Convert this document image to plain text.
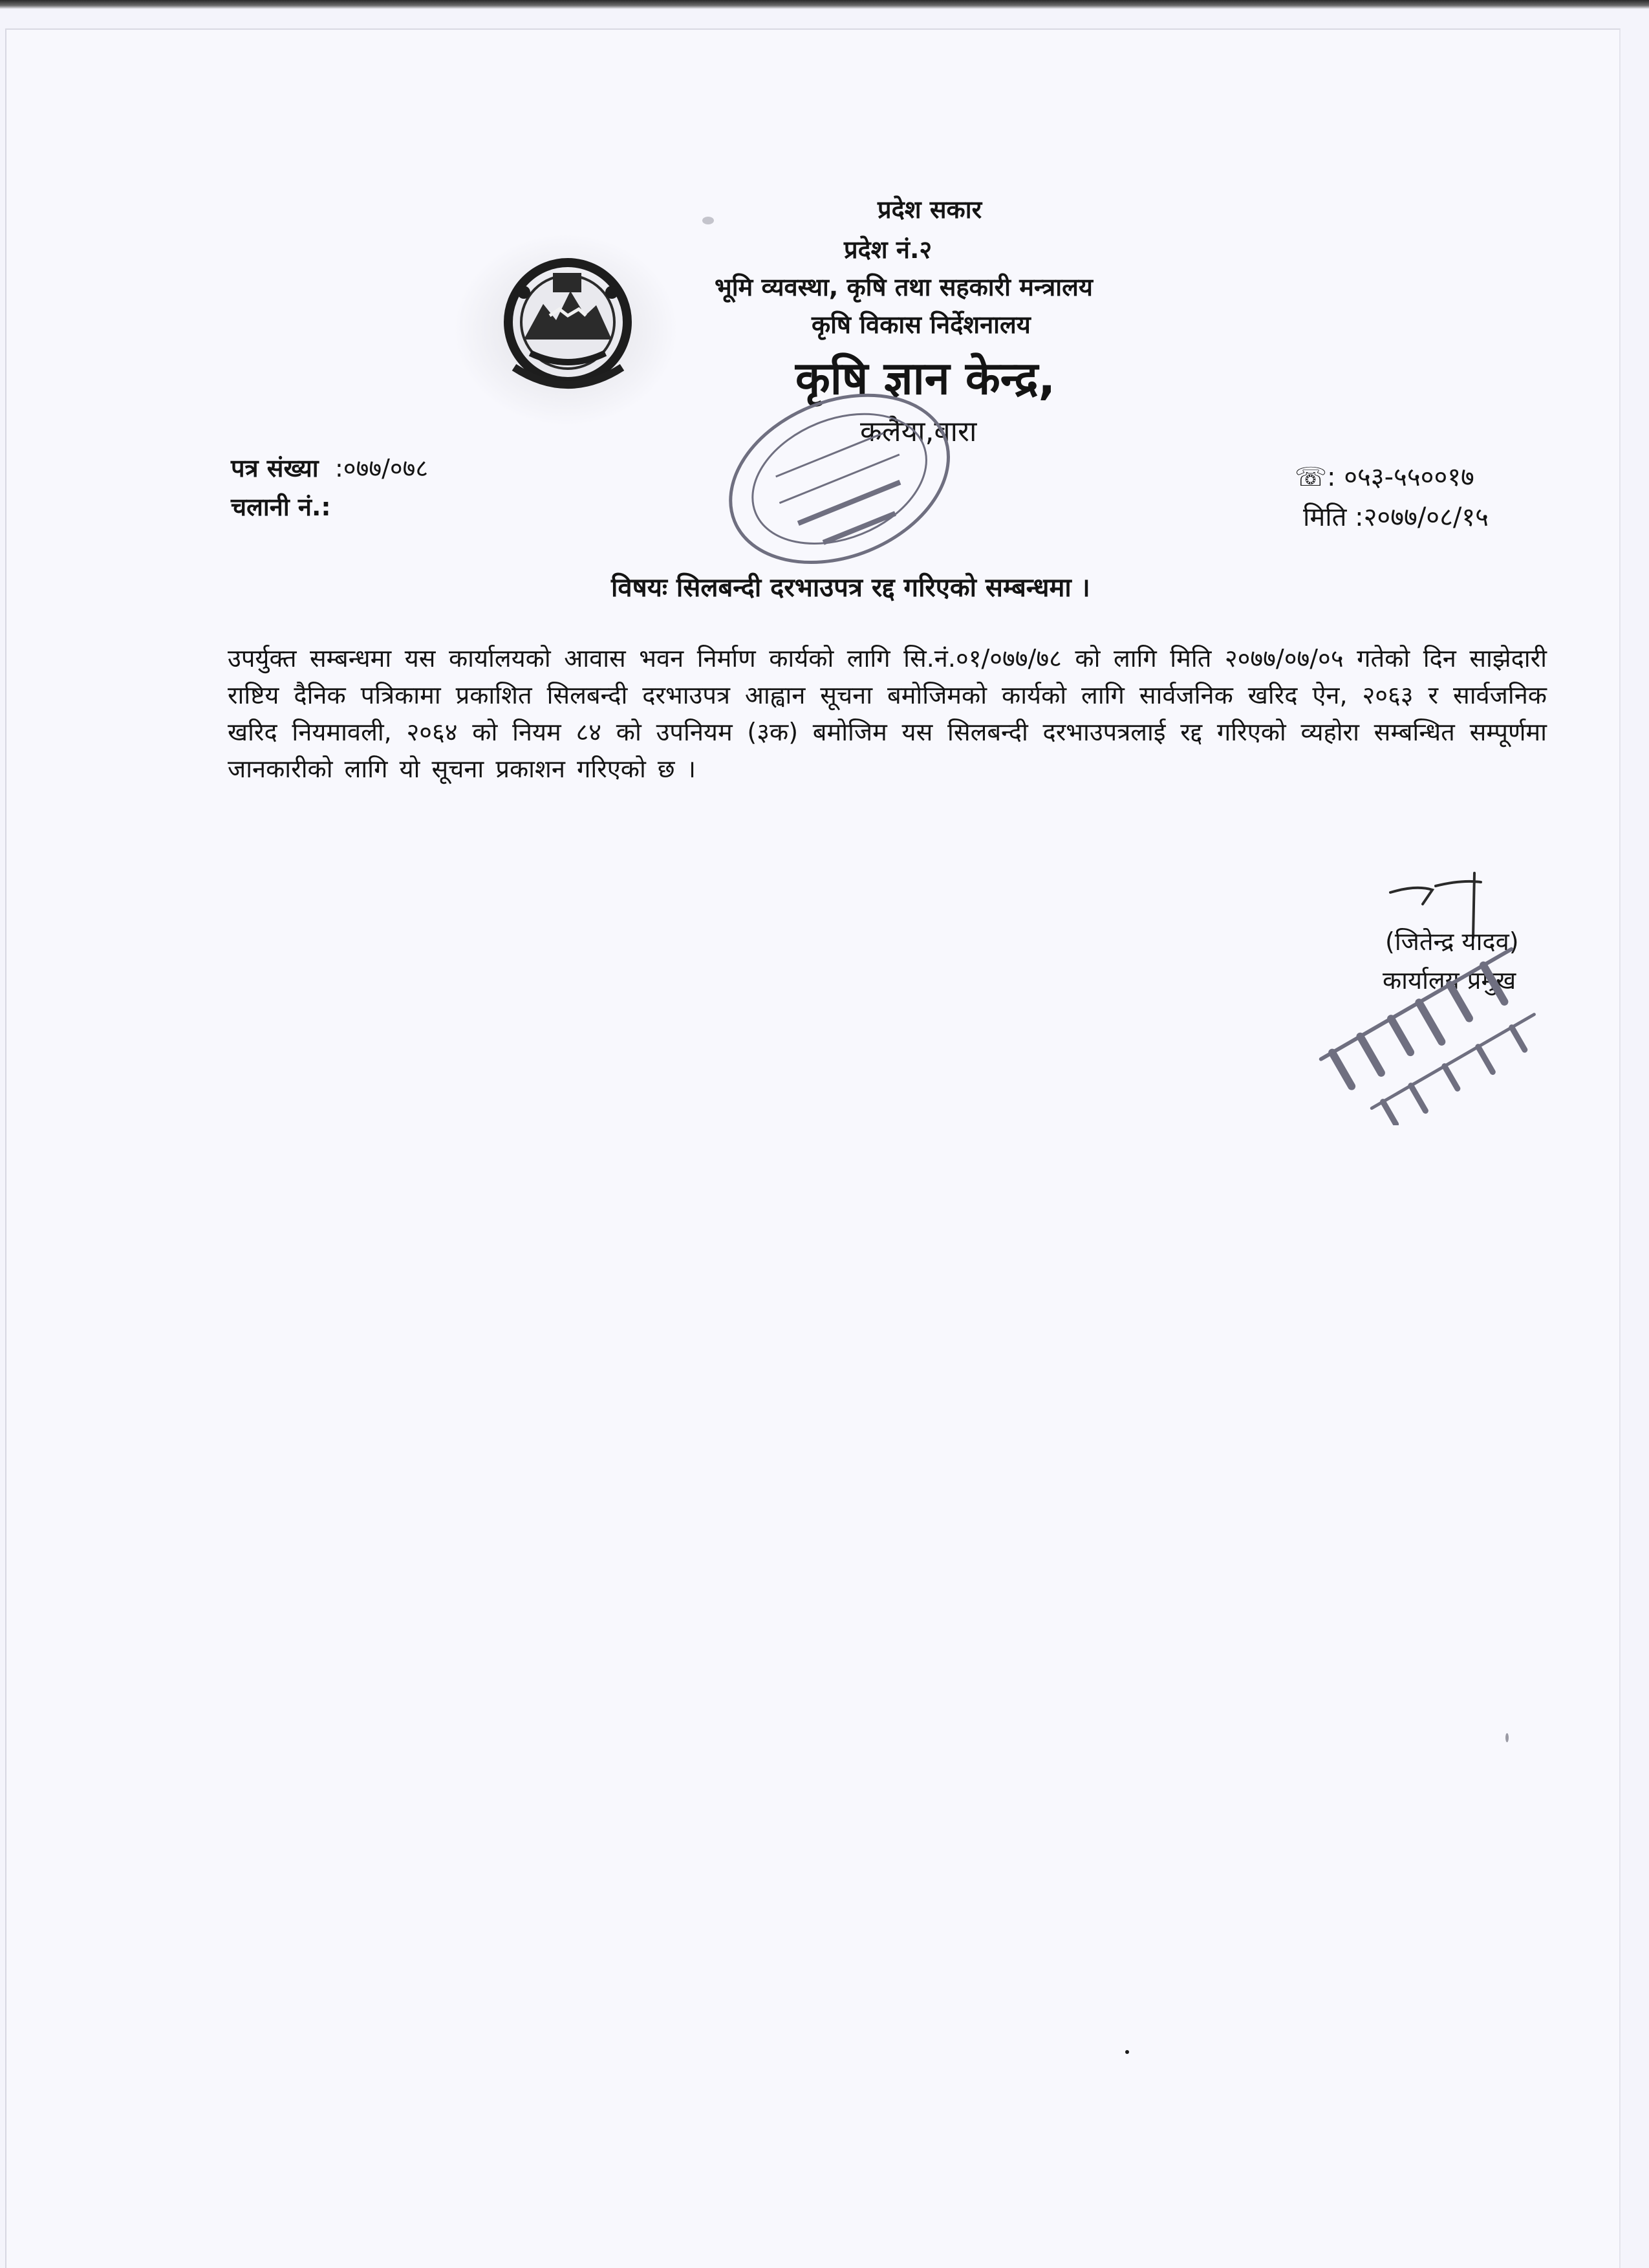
प्रदेश सकार
प्रदेश नं.२
भूमि व्यवस्था, कृषि तथा सहकारी मन्त्रालय
कृषि विकास निर्देशनालय
कृषि ज्ञान केन्द्र,
कलैया,बारा
पत्र संख्या :०७७/०७८
चलानी नं.:
☏: ०५३-५५००१७
मिति :२०७७/०८/१५
विषयः सिलबन्दी दरभाउपत्र रद्द गरिएको सम्बन्धमा ।
उपर्युक्त सम्बन्धमा यस कार्यालयको आवास भवन निर्माण कार्यको लागि सि.नं.०१/०७७/७८ को लागि मिति २०७७/०७/०५ गतेको दिन साझेदारी राष्टिय दैनिक पत्रिकामा प्रकाशित सिलबन्दी दरभाउपत्र आह्वान सूचना बमोजिमको कार्यको लागि सार्वजनिक खरिद ऐन, २०६३ र सार्वजनिक खरिद नियमावली, २०६४ को नियम ८४ को उपनियम (३क) बमोजिम यस सिलबन्दी दरभाउपत्रलाई रद्द गरिएको व्यहोरा सम्बन्धित सम्पूर्णमा जानकारीको लागि यो सूचना प्रकाशन गरिएको छ ।
(जितेन्द्र यादव)
कार्यालय प्रमुख
